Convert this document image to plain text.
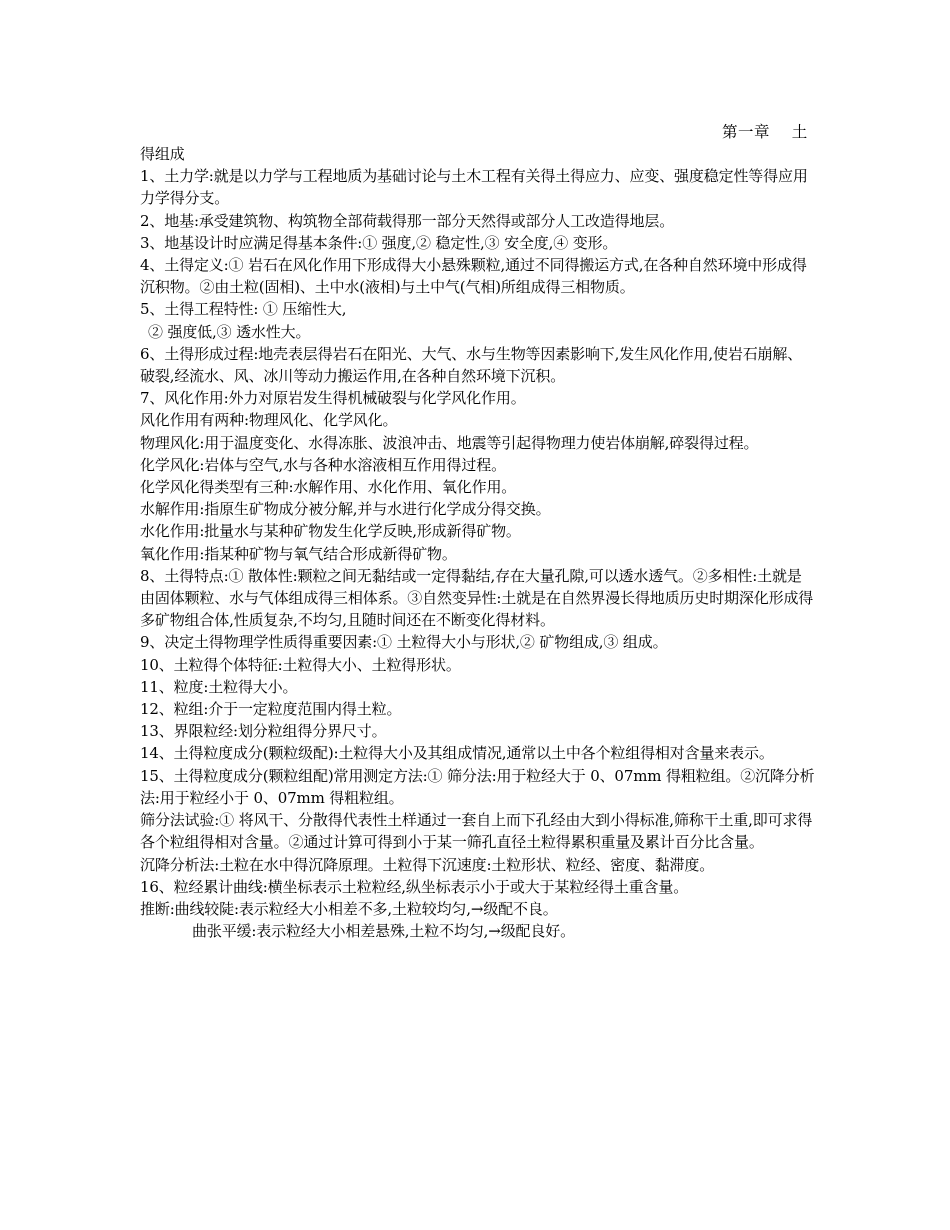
第一章    土

得组成

1、土力学:就是以力学与工程地质为基础讨论与土木工程有关得土得应力、应变、强度稳定性等得应用力学得分支。

2、地基:承受建筑物、构筑物全部荷载得那一部分天然得或部分人工改造得地层。

3、地基设计时应满足得基本条件:① 强度,② 稳定性,③ 安全度,④ 变形。

4、土得定义:① 岩石在风化作用下形成得大小悬殊颗粒,通过不同得搬运方式,在各种自然环境中形成得沉积物。②由土粒(固相)、土中水(液相)与土中气(气相)所组成得三相物质。

5、土得工程特性: ① 压缩性大,

② 强度低,③ 透水性大。

6、土得形成过程:地壳表层得岩石在阳光、大气、水与生物等因素影响下,发生风化作用,使岩石崩解、破裂,经流水、风、冰川等动力搬运作用,在各种自然环境下沉积。

7、风化作用:外力对原岩发生得机械破裂与化学风化作用。

风化作用有两种:物理风化、化学风化。

物理风化:用于温度变化、水得冻胀、波浪冲击、地震等引起得物理力使岩体崩解,碎裂得过程。

化学风化:岩体与空气,水与各种水溶液相互作用得过程。

化学风化得类型有三种:水解作用、水化作用、氧化作用。

水解作用:指原生矿物成分被分解,并与水进行化学成分得交换。

水化作用:批量水与某种矿物发生化学反映,形成新得矿物。

氧化作用:指某种矿物与氧气结合形成新得矿物。

8、土得特点:① 散体性:颗粒之间无黏结或一定得黏结,存在大量孔隙,可以透水透气。②多相性:土就是由固体颗粒、水与气体组成得三相体系。③自然变异性:土就是在自然界漫长得地质历史时期深化形成得多矿物组合体,性质复杂,不均匀,且随时间还在不断变化得材料。

9、决定土得物理学性质得重要因素:① 土粒得大小与形状,② 矿物组成,③ 组成。

10、土粒得个体特征:土粒得大小、土粒得形状。

11、粒度:土粒得大小。

12、粒组:介于一定粒度范围内得土粒。

13、界限粒经:划分粒组得分界尺寸。

14、土得粒度成分(颗粒级配):土粒得大小及其组成情况,通常以土中各个粒组得相对含量来表示。

15、土得粒度成分(颗粒组配)常用测定方法:① 筛分法:用于粒经大于 0、07mm 得粗粒组。②沉降分析法:用于粒经小于 0、07mm 得粗粒组。

筛分法试验:① 将风干、分散得代表性土样通过一套自上而下孔经由大到小得标准,筛称干土重,即可求得各个粒组得相对含量。②通过计算可得到小于某一筛孔直径土粒得累积重量及累计百分比含量。

沉降分析法:土粒在水中得沉降原理。土粒得下沉速度:土粒形状、粒经、密度、黏滞度。

16、粒经累计曲线:横坐标表示土粒粒经,纵坐标表示小于或大于某粒经得土重含量。

推断:曲线较陡:表示粒经大小相差不多,土粒较均匀,→级配不良。

曲张平缓:表示粒经大小相差悬殊,土粒不均匀,→级配良好。
